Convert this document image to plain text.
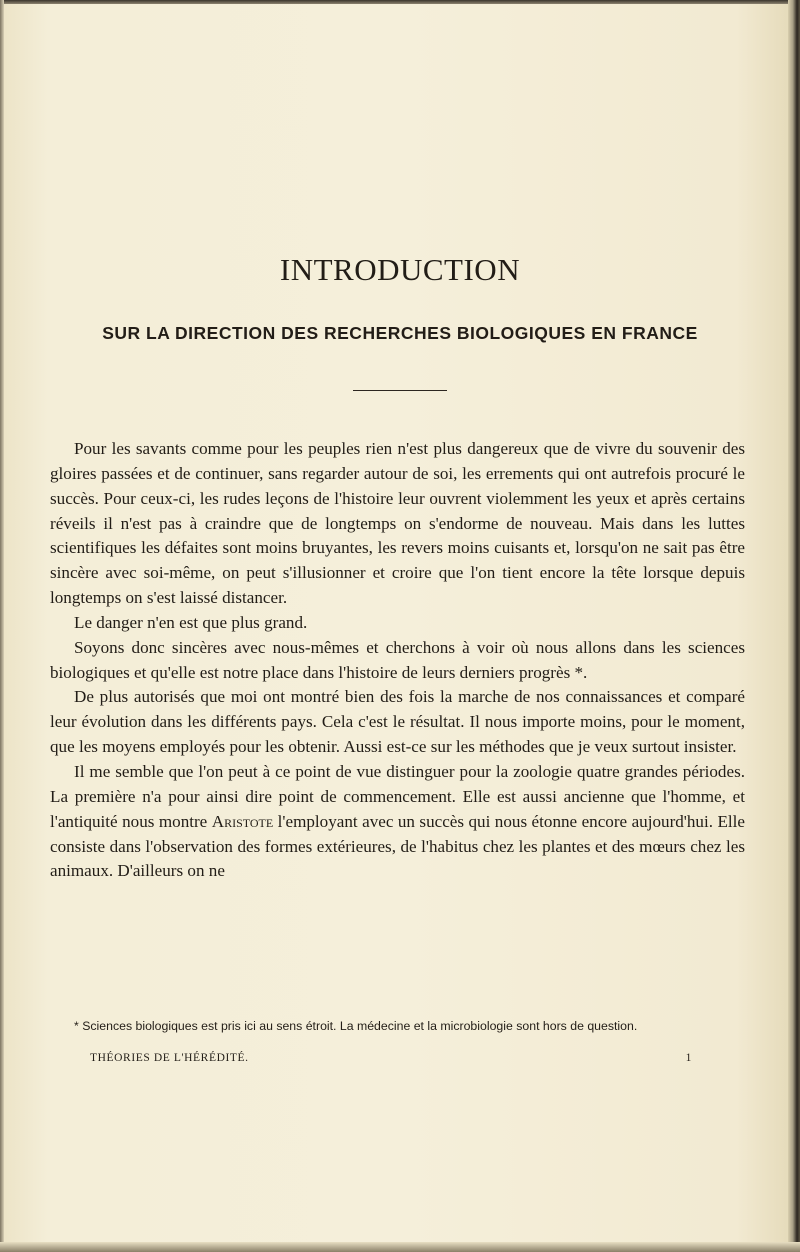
INTRODUCTION
SUR LA DIRECTION DES RECHERCHES BIOLOGIQUES EN FRANCE

Pour les savants comme pour les peuples rien n'est plus dangereux que de vivre du souvenir des gloires passées et de continuer, sans regarder autour de soi, les errements qui ont autrefois procuré le succès. Pour ceux-ci, les rudes leçons de l'histoire leur ouvrent violemment les yeux et après certains réveils il n'est pas à craindre que de longtemps on s'endorme de nouveau. Mais dans les luttes scientifiques les défaites sont moins bruyantes, les revers moins cuisants et, lorsqu'on ne sait pas être sincère avec soi-même, on peut s'illusionner et croire que l'on tient encore la tête lorsque depuis longtemps on s'est laissé distancer.

Le danger n'en est que plus grand.

Soyons donc sincères avec nous-mêmes et cherchons à voir où nous allons dans les sciences biologiques et qu'elle est notre place dans l'histoire de leurs derniers progrès *.

De plus autorisés que moi ont montré bien des fois la marche de nos connaissances et comparé leur évolution dans les différents pays. Cela c'est le résultat. Il nous importe moins, pour le moment, que les moyens employés pour les obtenir. Aussi est-ce sur les méthodes que je veux surtout insister.

Il me semble que l'on peut à ce point de vue distinguer pour la zoologie quatre grandes périodes. La première n'a pour ainsi dire point de commencement. Elle est aussi ancienne que l'homme, et l'antiquité nous montre Aristote l'employant avec un succès qui nous étonne encore aujourd'hui. Elle consiste dans l'observation des formes extérieures, de l'habitus chez les plantes et des mœurs chez les animaux. D'ailleurs on ne

* Sciences biologiques est pris ici au sens étroit. La médecine et la microbiologie sont hors de question.
THÉORIES DE L'HÉRÉDITÉ.	1
